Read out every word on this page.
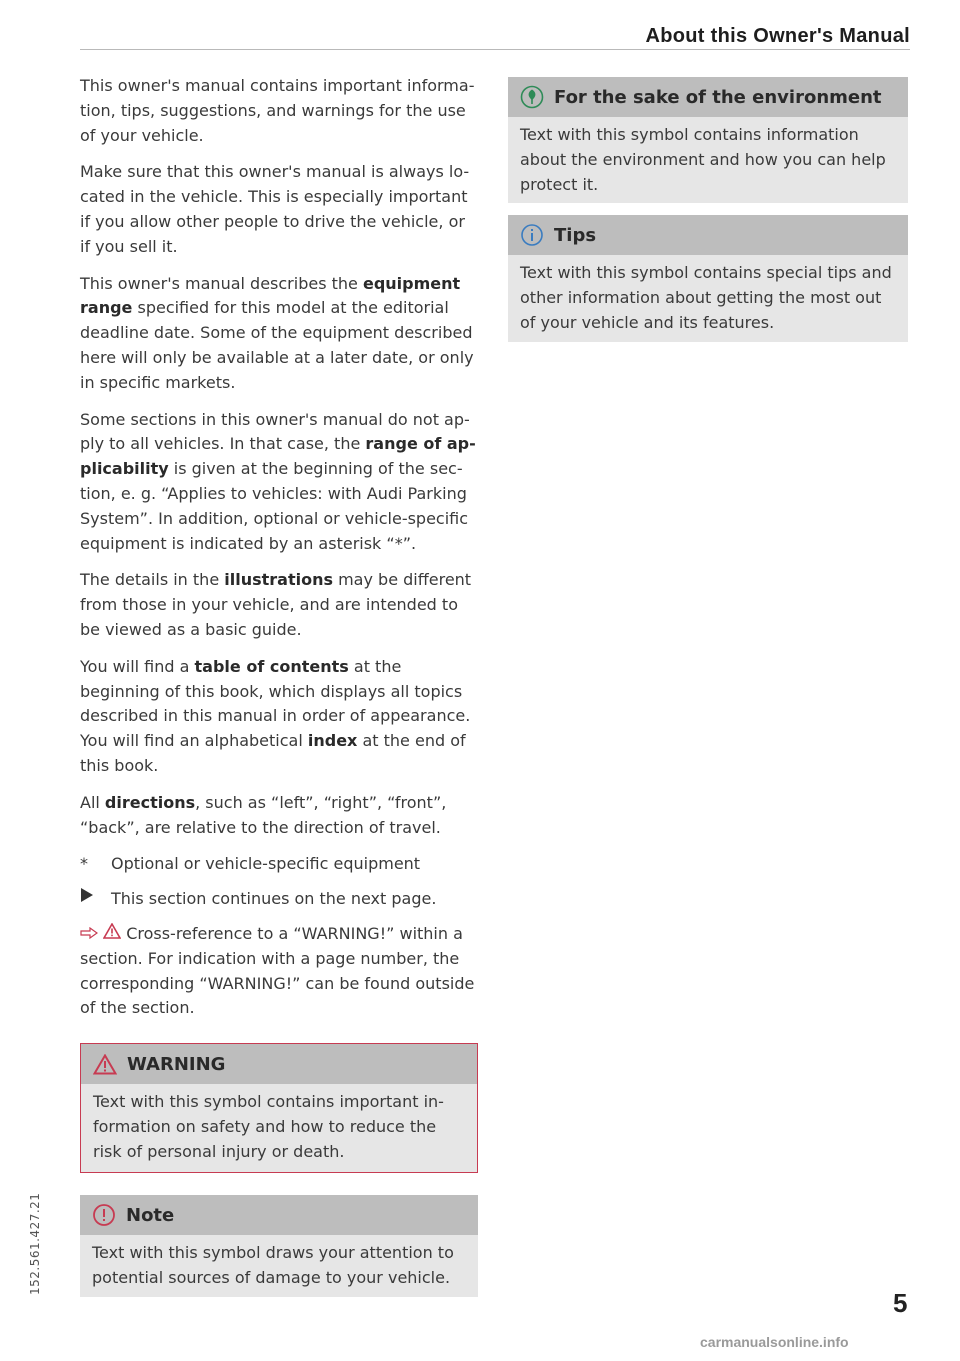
About this Owner's Manual

This owner's manual contains important informa-tion, tips, suggestions, and warnings for the use of your vehicle.

Make sure that this owner's manual is always lo-cated in the vehicle. This is especially important if you allow other people to drive the vehicle, or if you sell it.

This owner's manual describes the equipment range specified for this model at the editorial deadline date. Some of the equipment described here will only be available at a later date, or only in specific markets.

Some sections in this owner's manual do not ap-ply to all vehicles. In that case, the range of ap-plicability is given at the beginning of the sec-tion, e. g. “Applies to vehicles: with Audi Parking System”. In addition, optional or vehicle-specific equipment is indicated by an asterisk “*”.

The details in the illustrations may be different from those in your vehicle, and are intended to be viewed as a basic guide.

You will find a table of contents at the beginning of this book, which displays all topics described in this manual in order of appearance. You will find an alphabetical index at the end of this book.

All directions, such as “left”, “right”, “front”, “back”, are relative to the direction of travel.

*	Optional or vehicle-specific equipment
This section continues on the next page.

Cross-reference to a “WARNING!” within a section. For indication with a page number, the corresponding “WARNING!” can be found outside of the section.

WARNING
Text with this symbol contains important in-formation on safety and how to reduce the risk of personal injury or death.
Note
Text with this symbol draws your attention to potential sources of damage to your vehicle.
For the sake of the environment
Text with this symbol contains information about the environment and how you can help protect it.
Tips
Text with this symbol contains special tips and other information about getting the most out of your vehicle and its features.
152.561.427.21
5
carmanualsonline.info
